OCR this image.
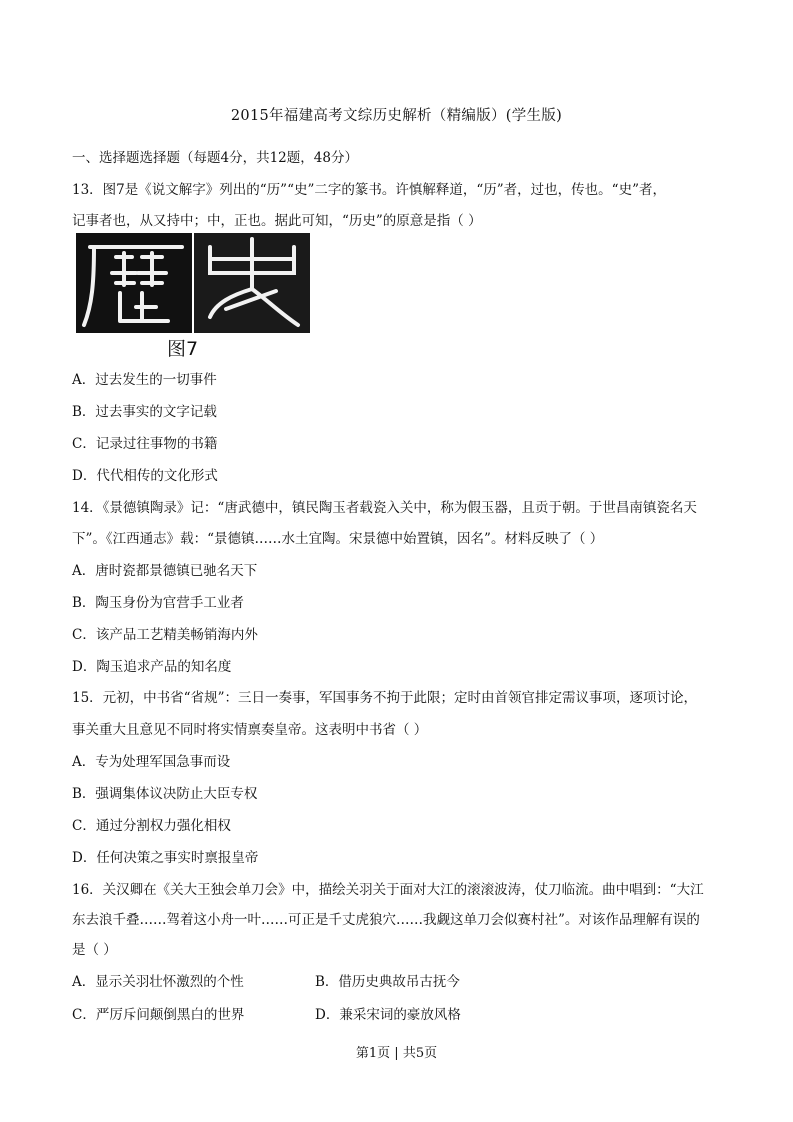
2015年福建高考文综历史解析（精编版）(学生版)
一、选择题选择题（每题4分，共12题，48分）
13．图7是《说文解字》列出的“历”“史”二字的篆书。许慎解释道，“历”者，过也，传也。“史”者，
记事者也，从又持中；中，正也。据此可知，“历史”的原意是指（ ）
图7
A．过去发生的一切事件
B．过去事实的文字记载
C．记录过往事物的书籍
D．代代相传的文化形式
14．《景德镇陶录》记：“唐武德中，镇民陶玉者载瓷入关中，称为假玉器，且贡于朝。于世昌南镇瓷名天
下”。《江西通志》载：“景德镇……水土宜陶。宋景德中始置镇，因名”。材料反映了（ ）
A．唐时瓷都景德镇已驰名天下
B．陶玉身份为官营手工业者
C．该产品工艺精美畅销海内外
D．陶玉追求产品的知名度
15．元初，中书省“省规”：三日一奏事，军国事务不拘于此限；定时由首领官排定需议事项，逐项讨论，
事关重大且意见不同时将实情禀奏皇帝。这表明中书省（ ）
A．专为处理军国急事而设
B．强调集体议决防止大臣专权
C．通过分割权力强化相权
D．任何决策之事实时禀报皇帝
16．关汉卿在《关大王独会单刀会》中，描绘关羽关于面对大江的滚滚波涛，仗刀临流。曲中唱到：“大江
东去浪千叠……驾着这小舟一叶……可正是千丈虎狼穴……我觑这单刀会似赛村社”。对该作品理解有误的
是（ ）
A．显示关羽壮怀激烈的个性	B．借历史典故吊古抚今
C．严厉斥问颠倒黑白的世界	D．兼采宋词的豪放风格
第1页 | 共5页
